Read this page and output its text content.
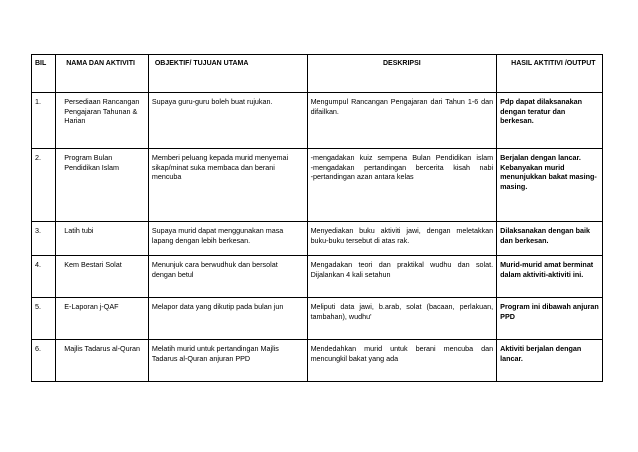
BIL	NAMA DAN AKTIVITI	OBJEKTIF/ TUJUAN UTAMA	DESKRIPSI	HASIL AKTITIVI /OUTPUT
1.	Persediaan Rancangan Pengajaran Tahunan & Harian	Supaya guru-guru boleh buat rujukan.	Mengumpul Rancangan Pengajaran dari Tahun 1-6 dan difailkan.	Pdp dapat dilaksanakan dengan teratur dan berkesan.
2.	Program Bulan Pendidikan Islam	Memberi peluang kepada murid menyemai sikap/minat suka membaca dan berani mencuba	-mengadakan kuiz sempena Bulan Pendidikan islam
-mengadakan pertandingan bercerita kisah nabi
-pertandingan azan antara kelas	Berjalan dengan lancar. Kebanyakan murid menunjukkan bakat masing-masing.
3.	Latih tubi	Supaya murid dapat menggunakan masa lapang dengan lebih berkesan.	Menyediakan buku aktiviti jawi, dengan meletakkan buku-buku tersebut di atas rak.	Dilaksanakan dengan baik dan berkesan.
4.	Kem Bestari Solat	Menunjuk cara berwudhuk dan bersolat dengan betul	Mengadakan teori dan praktikal wudhu dan solat. Dijalankan 4 kali setahun	Murid-murid amat berminat dalam aktiviti-aktiviti ini.
5.	E-Laporan j-QAF	Melapor data yang dikutip pada bulan jun	Meliputi data jawi, b.arab, solat (bacaan, perlakuan, tambahan), wudhu'	Program ini dibawah anjuran PPD
6.	Majlis Tadarus al-Quran	Melatih murid untuk pertandingan Majlis Tadarus al-Quran anjuran PPD	Mendedahkan murid untuk berani mencuba dan mencungkil bakat yang ada	Aktiviti berjalan dengan lancar.
